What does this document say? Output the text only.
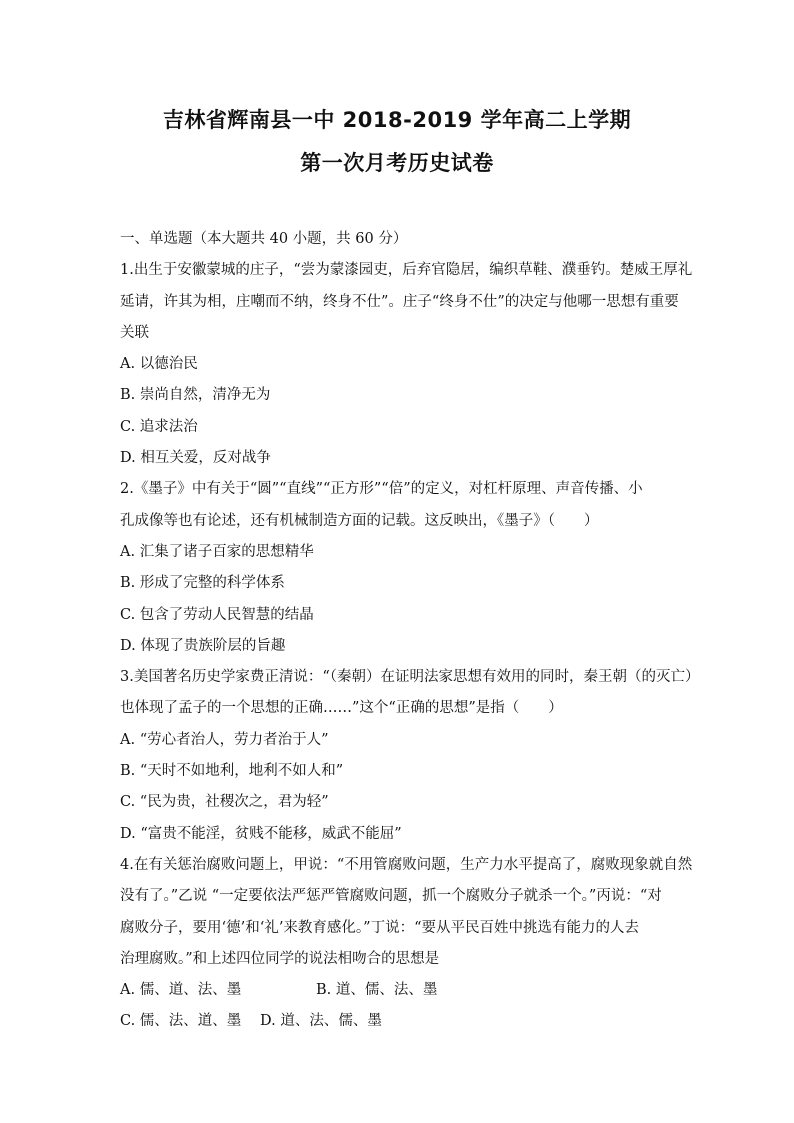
吉林省辉南县一中 2018-2019 学年高二上学期
第一次月考历史试卷
一、单选题（本大题共 40 小题，共 60 分）
1.出生于安徽蒙城的庄子，“尝为蒙漆园吏，后弃官隐居，编织草鞋、濮垂钓。楚威王厚礼
延请，许其为相，庄嘲而不纳，终身不仕”。庄子“终身不仕”的决定与他哪一思想有重要
关联
A. 以德治民
B. 崇尚自然，清净无为
C. 追求法治
D. 相互关爱，反对战争
2.《墨子》中有关于“圆”“直线”“正方形”“倍”的定义，对杠杆原理、声音传播、小
孔成像等也有论述，还有机械制造方面的记载。这反映出，《墨子》（　　）
A. 汇集了诸子百家的思想精华
B. 形成了完整的科学体系
C. 包含了劳动人民智慧的结晶
D. 体现了贵族阶层的旨趣
3.美国著名历史学家费正清说：“（秦朝）在证明法家思想有效用的同时，秦王朝（的灭亡）
也体现了孟子的一个思想的正确……”这个“正确的思想”是指（　　）
A. “劳心者治人，劳力者治于人”
B. “天时不如地利，地利不如人和”
C. “民为贵，社稷次之，君为轻”
D. “富贵不能淫，贫贱不能移，威武不能屈”
4.在有关惩治腐败问题上，甲说：“不用管腐败问题，生产力水平提高了，腐败现象就自然
没有了。”乙说 “一定要依法严惩严管腐败问题，抓一个腐败分子就杀一个。”丙说：“对
腐败分子，要用‘德’和‘礼’来教育感化。”丁说：“要从平民百姓中挑选有能力的人去
治理腐败。”和上述四位同学的说法相吻合的思想是
A. 儒、道、法、墨	B. 道、儒、法、墨
C. 儒、法、道、墨	D. 道、法、儒、墨
